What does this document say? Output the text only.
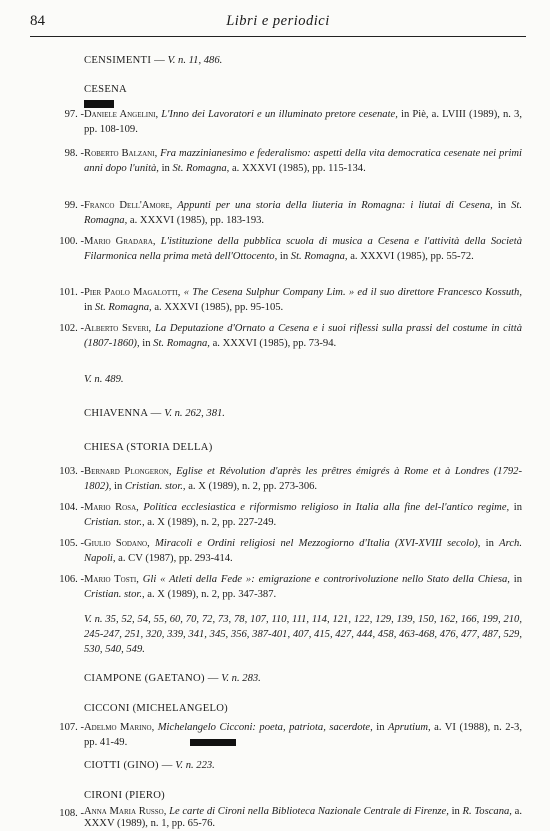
84	Libri e periodici
CENSIMENTI — V. n. 11, 486.
CESENA
97. - Daniele Angelini, L'Inno dei Lavoratori e un illuminato pretore cesenate, in Piè, a. LVIII (1989), n. 3, pp. 108-109.
98. - Roberto Balzani, Fra mazzinianesimo e federalismo: aspetti della vita democratica cesenate nei primi anni dopo l'unità, in St. Romagna, a. XXXVI (1985), pp. 115-134.
99. - Franco Dell'Amore, Appunti per una storia della liuteria in Romagna: i liutai di Cesena, in St. Romagna, a. XXXVI (1985), pp. 183-193.
100. - Mario Gradara, L'istituzione della pubblica scuola di musica a Cesena e l'attività della Società Filarmonica nella prima metà dell'Ottocento, in St. Romagna, a. XXXVI (1985), pp. 55-72.
101. - Pier Paolo Magalotti, « The Cesena Sulphur Company Lim. » ed il suo direttore Francesco Kossuth, in St. Romagna, a. XXXVI (1985), pp. 95-105.
102. - Alberto Severi, La Deputazione d'Ornato a Cesena e i suoi riflessi sulla prassi del costume in città (1807-1860), in St. Romagna, a. XXXVI (1985), pp. 73-94.
V. n. 489.
CHIAVENNA — V. n. 262, 381.
CHIESA (STORIA DELLA)
103. - Bernard Plongeron, Eglise et Révolution d'après les prêtres émigrés à Rome et à Londres (1792-1802), in Cristian. stor., a. X (1989), n. 2, pp. 273-306.
104. - Mario Rosa, Politica ecclesiastica e riformismo religioso in Italia alla fine del-l'antico regime, in Cristian. stor., a. X (1989), n. 2, pp. 227-249.
105. - Giulio Sodano, Miracoli e Ordini religiosi nel Mezzogiorno d'Italia (XVI-XVIII secolo), in Arch. Napoli, a. CV (1987), pp. 293-414.
106. - Mario Tosti, Gli « Atleti della Fede »: emigrazione e controrivoluzione nello Stato della Chiesa, in Cristian. stor., a. X (1989), n. 2, pp. 347-387.
V. n. 35, 52, 54, 55, 60, 70, 72, 73, 78, 107, 110, 111, 114, 121, 122, 129, 139, 150, 162, 166, 199, 210, 245-247, 251, 320, 339, 341, 345, 356, 387-401, 407, 415, 427, 444, 458, 463-468, 476, 477, 487, 529, 530, 540, 549.
CIAMPONE (GAETANO) — V. n. 283.
CICCONI (MICHELANGELO)
107. - Adelmo Marino, Michelangelo Cicconi: poeta, patriota, sacerdote, in Aprutium, a. VI (1988), n. 2-3, pp. 41-49.
CIOTTI (GINO) — V. n. 223.
CIRONI (PIERO)
108. - Anna Maria Russo, Le carte di Cironi nella Biblioteca Nazionale Centrale di Firenze, in R. Toscana, a. XXXV (1989), n. 1, pp. 65-76.
